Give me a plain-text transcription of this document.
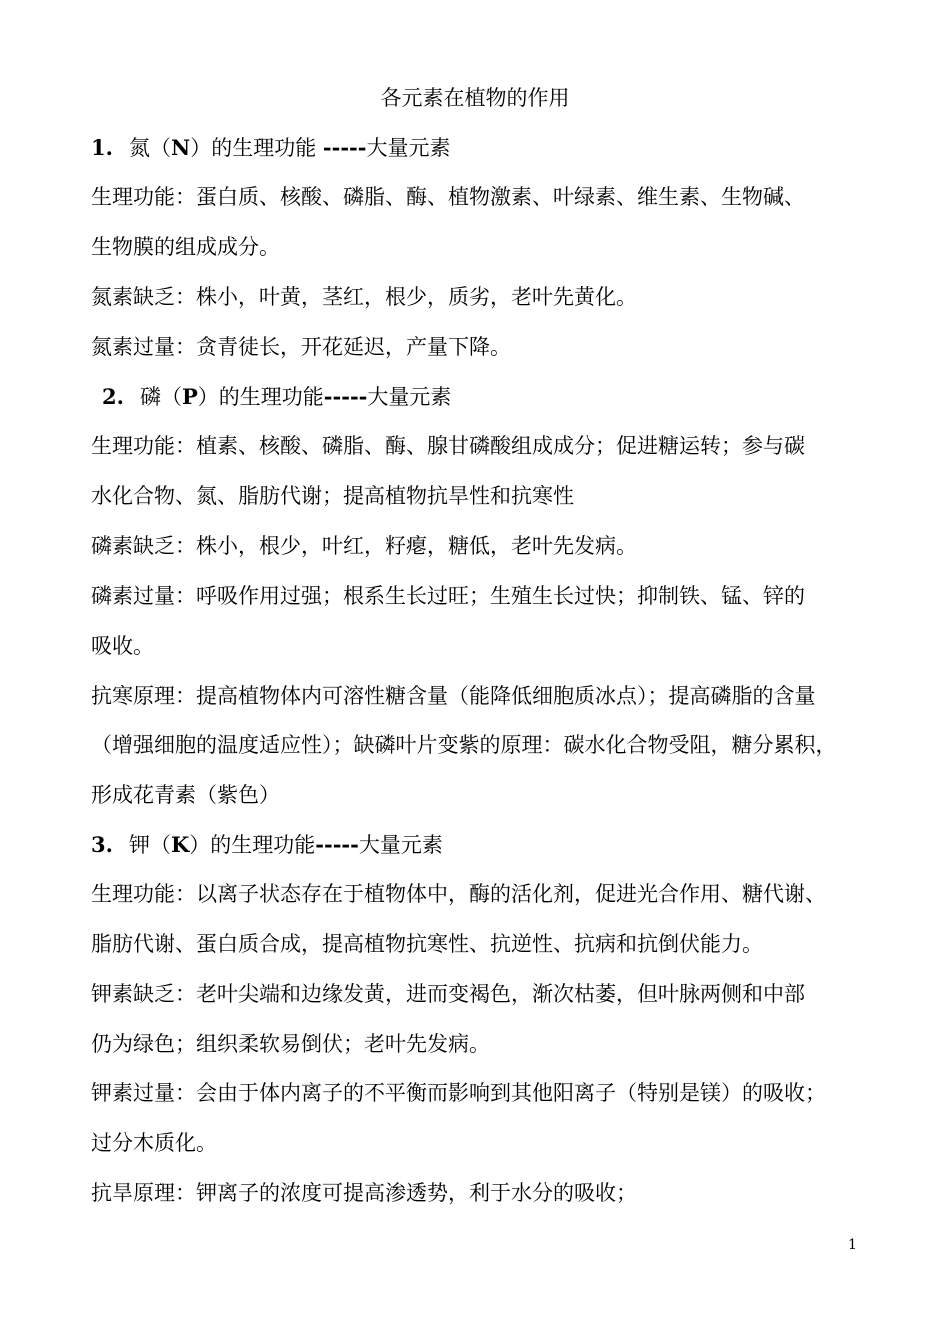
各元素在植物的作用
1. 氮（N）的生理功能 -----大量元素
生理功能：蛋白质、核酸、磷脂、酶、植物激素、叶绿素、维生素、生物碱、
生物膜的组成成分。
氮素缺乏：株小，叶黄，茎红，根少，质劣，老叶先黄化。
氮素过量：贪青徒长，开花延迟，产量下降。
2. 磷（P）的生理功能-----大量元素
生理功能：植素、核酸、磷脂、酶、腺甘磷酸组成成分；促进糖运转；参与碳
水化合物、氮、脂肪代谢；提高植物抗旱性和抗寒性
磷素缺乏：株小，根少，叶红，籽瘪，糖低，老叶先发病。
磷素过量：呼吸作用过强；根系生长过旺；生殖生长过快；抑制铁、锰、锌的
吸收。
抗寒原理：提高植物体内可溶性糖含量（能降低细胞质冰点）；提高磷脂的含量
（增强细胞的温度适应性）；缺磷叶片变紫的原理：碳水化合物受阻，糖分累积，
形成花青素（紫色）
3. 钾（K）的生理功能-----大量元素
生理功能：以离子状态存在于植物体中，酶的活化剂，促进光合作用、糖代谢、
脂肪代谢、蛋白质合成，提高植物抗寒性、抗逆性、抗病和抗倒伏能力。
钾素缺乏：老叶尖端和边缘发黄，进而变褐色，渐次枯萎，但叶脉两侧和中部
仍为绿色；组织柔软易倒伏；老叶先发病。
钾素过量：会由于体内离子的不平衡而影响到其他阳离子（特别是镁）的吸收；
过分木质化。
抗旱原理：钾离子的浓度可提高渗透势，利于水分的吸收；
1
